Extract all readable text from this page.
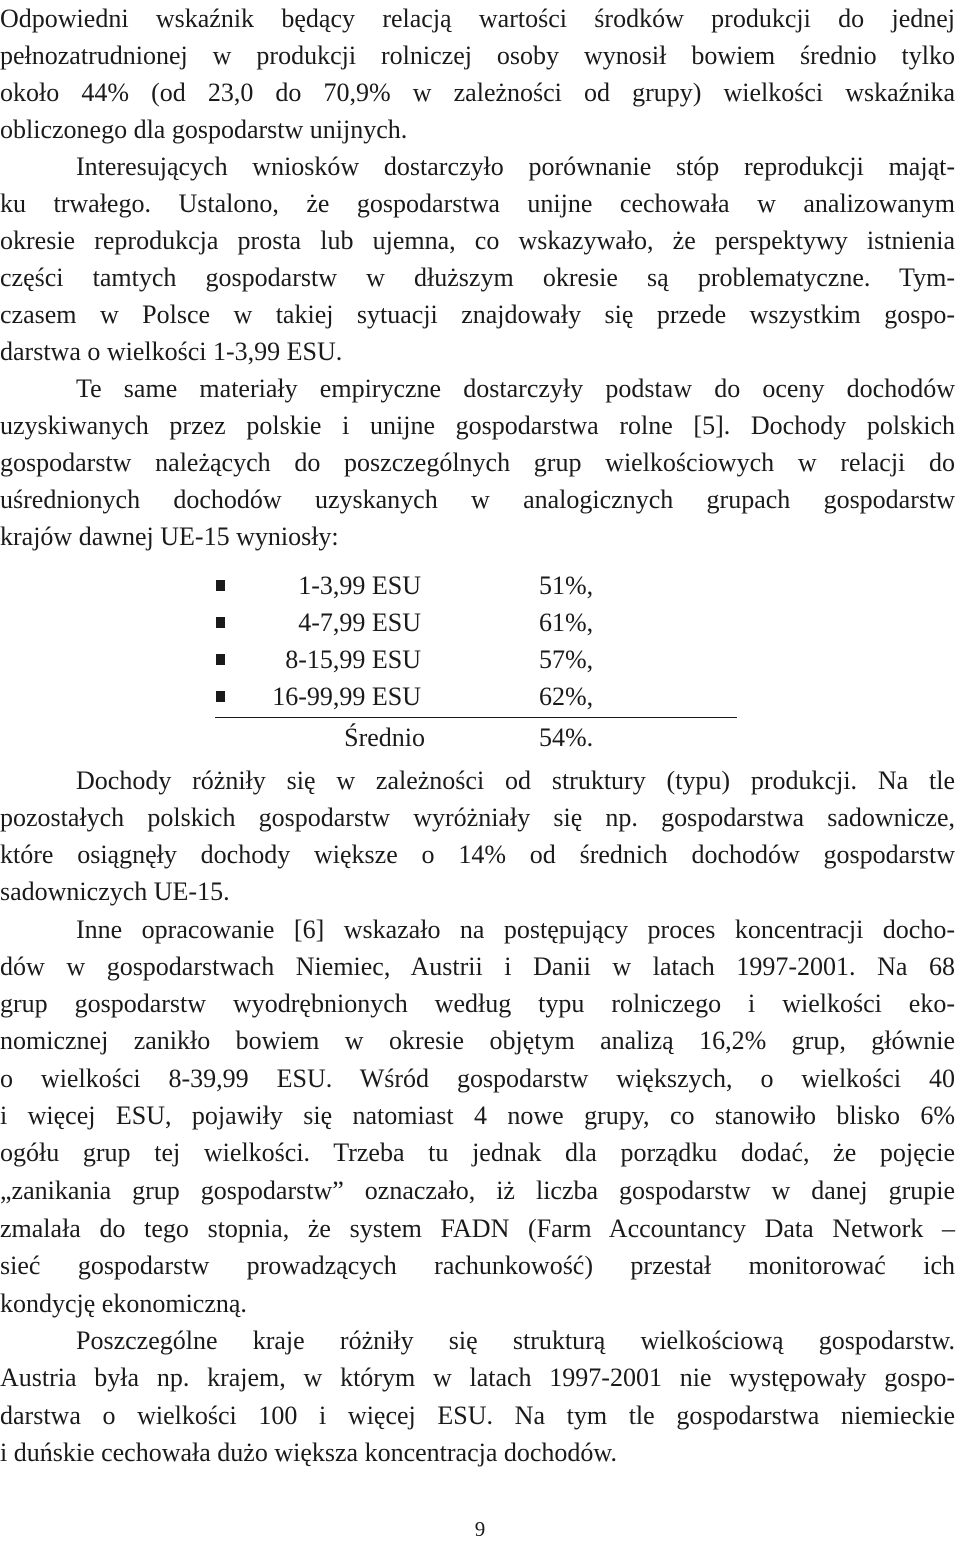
Odpowiedni wskaźnik będący relacją wartości środków produkcji do jednej
pełnozatrudnionej w produkcji rolniczej osoby wynosił bowiem średnio tylko
około 44% (od 23,0 do 70,9% w zależności od grupy) wielkości wskaźnika
obliczonego dla gospodarstw unijnych.
Interesujących wniosków dostarczyło porównanie stóp reprodukcji mająt-
ku trwałego. Ustalono, że gospodarstwa unijne cechowała w analizowanym
okresie reprodukcja prosta lub ujemna, co wskazywało, że perspektywy istnienia
części tamtych gospodarstw w dłuższym okresie są problematyczne. Tym-
czasem w Polsce w takiej sytuacji znajdowały się przede wszystkim gospo-
darstwa o wielkości 1-3,99 ESU.
Te same materiały empiryczne dostarczyły podstaw do oceny dochodów
uzyskiwanych przez polskie i unijne gospodarstwa rolne [5]. Dochody polskich
gospodarstw należących do poszczególnych grup wielkościowych w relacji do
uśrednionych dochodów uzyskanych w analogicznych grupach gospodarstw
krajów dawnej UE-15 wyniosły:
1-3,99 ESU	51%,
4-7,99 ESU	61%,
8-15,99 ESU	57%,
16-99,99 ESU	62%,
Średnio	54%.
Dochody różniły się w zależności od struktury (typu) produkcji. Na tle
pozostałych polskich gospodarstw wyróżniały się np. gospodarstwa sadownicze,
które osiągnęły dochody większe o 14% od średnich dochodów gospodarstw
sadowniczych UE-15.
Inne opracowanie [6] wskazało na postępujący proces koncentracji docho-
dów w gospodarstwach Niemiec, Austrii i Danii w latach 1997-2001. Na 68
grup gospodarstw wyodrębnionych według typu rolniczego i wielkości eko-
nomicznej zanikło bowiem w okresie objętym analizą 16,2% grup, głównie
o wielkości 8-39,99 ESU. Wśród gospodarstw większych, o wielkości 40
i więcej ESU, pojawiły się natomiast 4 nowe grupy, co stanowiło blisko 6%
ogółu grup tej wielkości. Trzeba tu jednak dla porządku dodać, że pojęcie
„zanikania grup gospodarstw” oznaczało, iż liczba gospodarstw w danej grupie
zmalała do tego stopnia, że system FADN (Farm Accountancy Data Network –
sieć gospodarstw prowadzących rachunkowość) przestał monitorować ich
kondycję ekonomiczną.
Poszczególne kraje różniły się strukturą wielkościową gospodarstw.
Austria była np. krajem, w którym w latach 1997-2001 nie występowały gospo-
darstwa o wielkości 100 i więcej ESU. Na tym tle gospodarstwa niemieckie
i duńskie cechowała dużo większa koncentracja dochodów.
9
